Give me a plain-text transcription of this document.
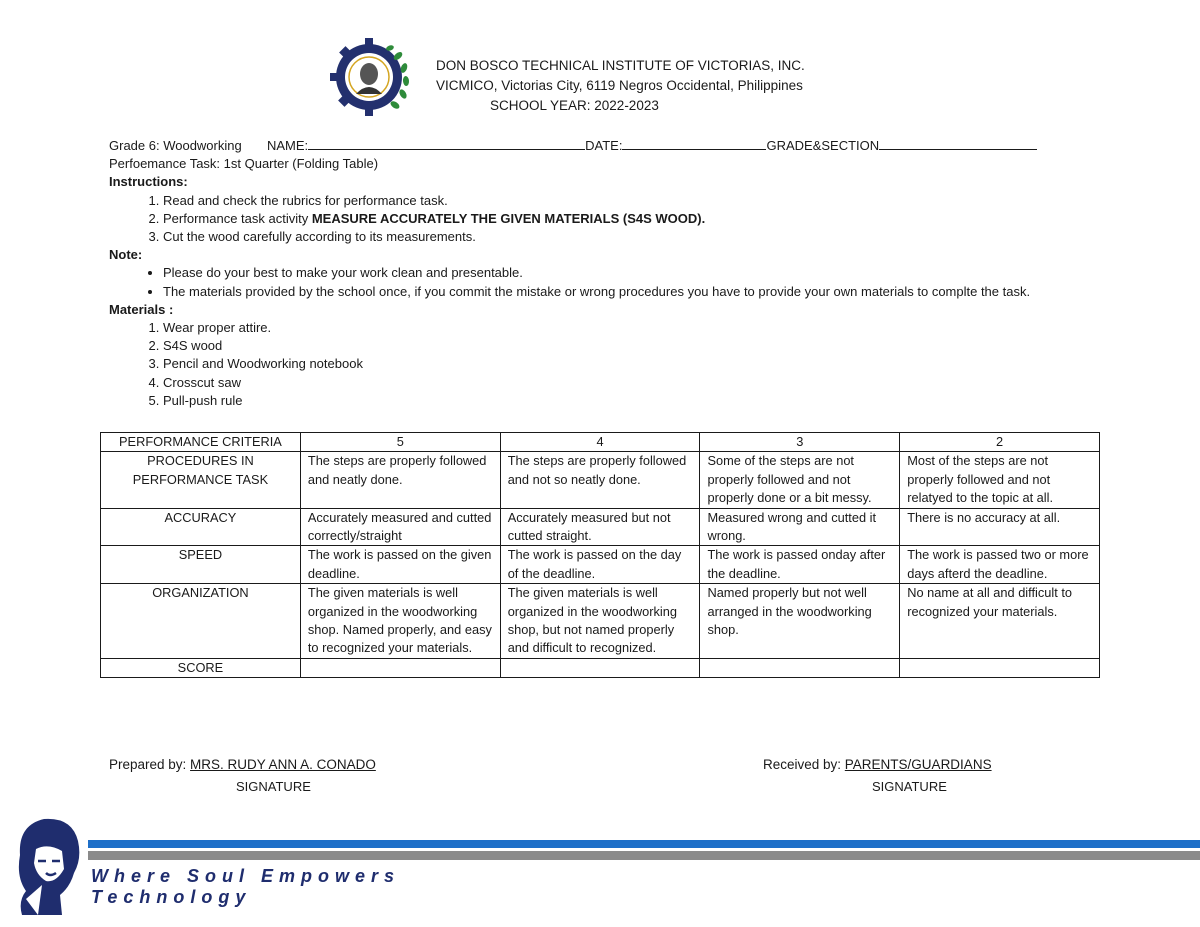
DON BOSCO TECHNICAL INSTITUTE OF VICTORIAS, INC.
VICMICO, Victorias City, 6119 Negros Occidental, Philippines
SCHOOL YEAR: 2022-2023
Grade 6: Woodworking NAME:	DATE:	GRADE&SECTION
Perfoemance Task: 1st Quarter (Folding Table)
Instructions:
1. Read and check the rubrics for performance task.
2. Performance task activity MEASURE ACCURATELY THE GIVEN MATERIALS (S4S WOOD).
3. Cut the wood carefully according to its measurements.
Note:
• Please do your best to make your work clean and presentable.
• The materials provided by the school once, if you commit the mistake or wrong procedures you have to provide your own materials to complte the task.
Materials :
1. Wear proper attire.
2. S4S wood
3. Pencil and Woodworking notebook
4. Crosscut saw
5. Pull-push rule
PERFORMANCE CRITERIA	5	4	3	2
PROCEDURES IN PERFORMANCE TASK	The steps are properly followed and neatly done.	The steps are properly followed and not so neatly done.	Some of the steps are not properly followed and not properly done or a bit messy.	Most of the steps are not properly followed and not relatyed to the topic at all.
ACCURACY	Accurately measured and cutted correctly/straight	Accurately measured but not cutted straight.	Measured wrong and cutted it wrong.	There is no accuracy at all.
SPEED	The work is passed on the given deadline.	The work is passed on the day of the deadline.	The work is passed onday after the deadline.	The work is passed two or more days afterd the deadline.
ORGANIZATION	The given materials is well organized in the woodworking shop. Named properly, and easy to recognized your materials.	The given materials is well organized in the woodworking shop, but not named properly and difficult to recognized.	Named properly but not well arranged in the woodworking shop.	No name at all and difficult to recognized your materials.
SCORE				
Prepared by: MRS. RUDY ANN A. CONADO
SIGNATURE
Received by: PARENTS/GUARDIANS
SIGNATURE
Where Soul Empowers
Technology
